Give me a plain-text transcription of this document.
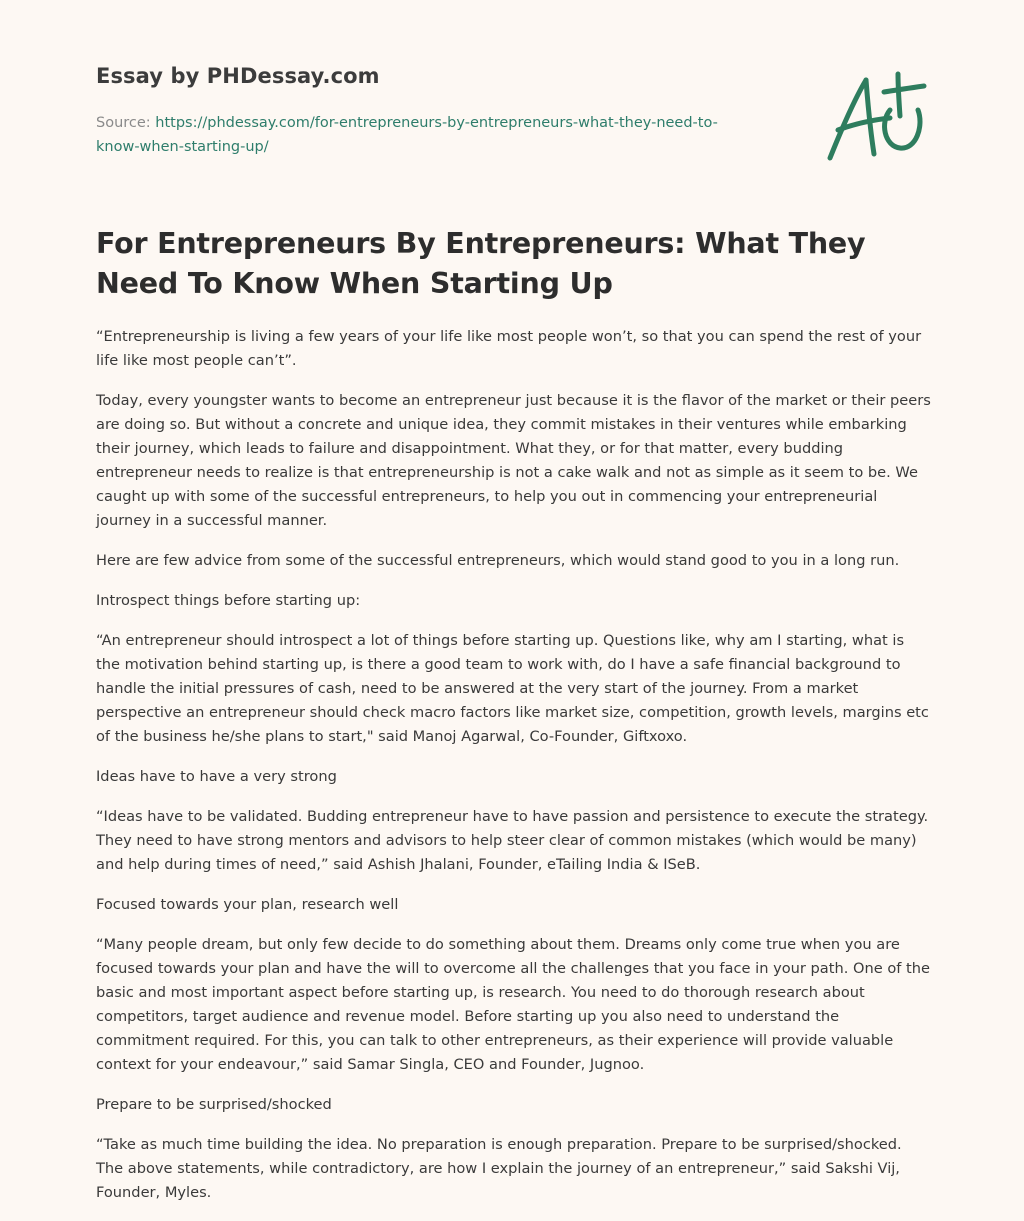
Essay by PHDessay.com
Source: https://phdessay.com/for-entrepreneurs-by-entrepreneurs-what-they-need-to-know-when-starting-up/
For Entrepreneurs By Entrepreneurs: What They Need To Know When Starting Up

“Entrepreneurship is living a few years of your life like most people won’t, so that you can spend the rest of your life like most people can’t”.

Today, every youngster wants to become an entrepreneur just because it is the flavor of the market or their peers are doing so. But without a concrete and unique idea, they commit mistakes in their ventures while embarking their journey, which leads to failure and disappointment. What they, or for that matter, every budding entrepreneur needs to realize is that entrepreneurship is not a cake walk and not as simple as it seem to be. We caught up with some of the successful entrepreneurs, to help you out in commencing your entrepreneurial journey in a successful manner.

Here are few advice from some of the successful entrepreneurs, which would stand good to you in a long run.

Introspect things before starting up:

“An entrepreneur should introspect a lot of things before starting up. Questions like, why am I starting, what is the motivation behind starting up, is there a good team to work with, do I have a safe financial background to handle the initial pressures of cash, need to be answered at the very start of the journey. From a market perspective an entrepreneur should check macro factors like market size, competition, growth levels, margins etc of the business he/she plans to start," said Manoj Agarwal, Co-Founder, Giftxoxo.

Ideas have to have a very strong

“Ideas have to be validated. Budding entrepreneur have to have passion and persistence to execute the strategy. They need to have strong mentors and advisors to help steer clear of common mistakes (which would be many) and help during times of need,” said Ashish Jhalani, Founder, eTailing India & ISeB.

Focused towards your plan, research well

“Many people dream, but only few decide to do something about them. Dreams only come true when you are focused towards your plan and have the will to overcome all the challenges that you face in your path. One of the basic and most important aspect before starting up, is research. You need to do thorough research about competitors, target audience and revenue model. Before starting up you also need to understand the commitment required. For this, you can talk to other entrepreneurs, as their experience will provide valuable context for your endeavour,” said Samar Singla, CEO and Founder, Jugnoo.

Prepare to be surprised/shocked

“Take as much time building the idea. No preparation is enough preparation. Prepare to be surprised/shocked. The above statements, while contradictory, are how I explain the journey of an entrepreneur,” said Sakshi Vij, Founder, Myles.
